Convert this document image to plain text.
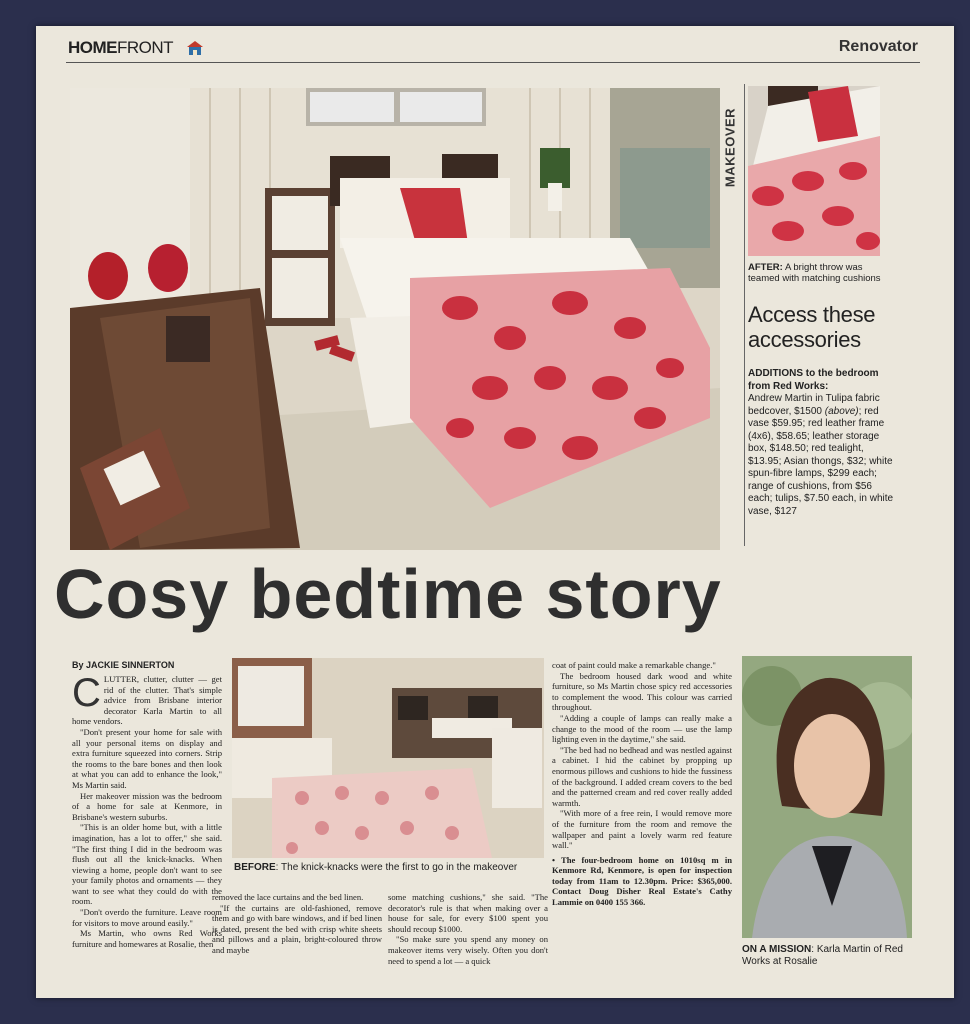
HOMEFRONT	Renovator
MAKEOVER
AFTER: A bright throw was teamed with matching cushions
Access these accessories
ADDITIONS to the bedroom from Red Works:
Andrew Martin in Tulipa fabric bedcover, $1500 (above); red vase $59.95; red leather frame (4x6), $58.65; leather storage box, $148.50; red tealight, $13.95; Asian thongs, $32; white spun-fibre lamps, $299 each; range of cushions, from $56 each; tulips, $7.50 each, in white vase, $127
Cosy bedtime story
By JACKIE SINNERTON

CLUTTER, clutter, clutter — get rid of the clutter. That's simple advice from Brisbane interior decorator Karla Martin to all home vendors.

"Don't present your home for sale with all your personal items on display and extra furniture squeezed into corners. Strip the rooms to the bare bones and then look at what you can add to enhance the look," Ms Martin said.

Her makeover mission was the bedroom of a home for sale at Kenmore, in Brisbane's western suburbs.

"This is an older home but, with a little imagination, has a lot to offer," she said. "The first thing I did in the bedroom was flush out all the knick-knacks. When viewing a home, people don't want to see your family photos and ornaments — they want to see what they could do with the room.

"Don't overdo the furniture. Leave room for visitors to move around easily."

Ms Martin, who owns Red Works furniture and homewares at Rosalie, then

BEFORE: The knick-knacks were the first to go in the makeover

removed the lace curtains and the bed linen.

"If the curtains are old-fashioned, remove them and go with bare windows, and if bed linen is dated, present the bed with crisp white sheets and pillows and a plain, bright-coloured throw and maybe

some matching cushions," she said. "The decorator's rule is that when making over a house for sale, for every $100 spent you should recoup $1000.

"So make sure you spend any money on makeover items very wisely. Often you don't need to spend a lot — a quick

coat of paint could make a remarkable change."

The bedroom housed dark wood and white furniture, so Ms Martin chose spicy red accessories to complement the wood. This colour was carried throughout.

"Adding a couple of lamps can really make a change to the mood of the room — use the lamp lighting even in the daytime," she said.

"The bed had no bedhead and was nestled against a cabinet. I hid the cabinet by propping up enormous pillows and cushions to hide the fussiness of the background. I added cream covers to the bed and the patterned cream and red cover really added warmth.

"With more of a free rein, I would remove more of the furniture from the room and remove the wallpaper and paint a lovely warm red feature wall."

• The four-bedroom home on 1010sq m in Kenmore Rd, Kenmore, is open for inspection today from 11am to 12.30pm. Price: $365,000. Contact Doug Disher Real Estate's Cathy Lammie on 0400 155 366.

ON A MISSION: Karla Martin of Red Works at Rosalie
